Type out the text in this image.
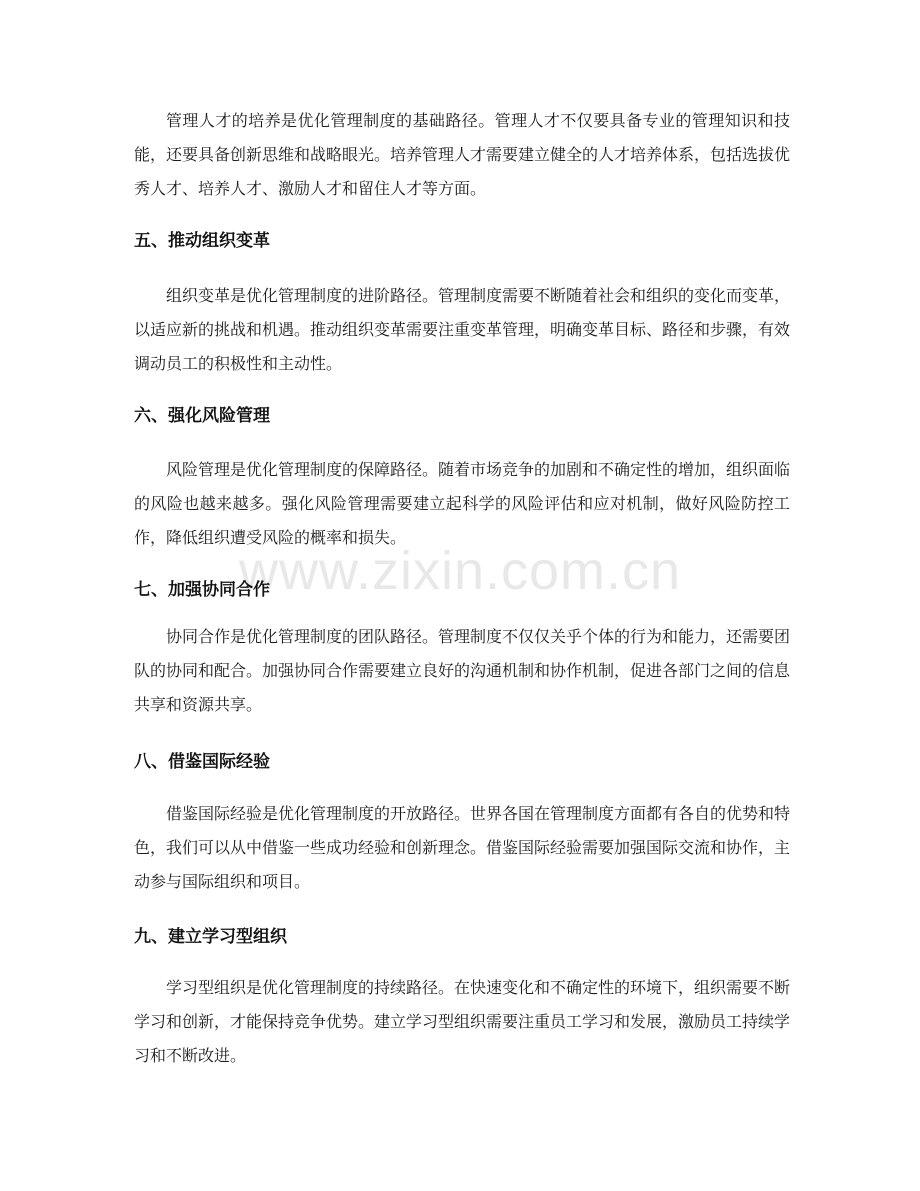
www.zixin.com.cn

管理人才的培养是优化管理制度的基础路径。管理人才不仅要具备专业的管理知识和技能，还要具备创新思维和战略眼光。培养管理人才需要建立健全的人才培养体系，包括选拔优秀人才、培养人才、激励人才和留住人才等方面。

五、推动组织变革

组织变革是优化管理制度的进阶路径。管理制度需要不断随着社会和组织的变化而变革，以适应新的挑战和机遇。推动组织变革需要注重变革管理，明确变革目标、路径和步骤，有效调动员工的积极性和主动性。

六、强化风险管理

风险管理是优化管理制度的保障路径。随着市场竞争的加剧和不确定性的增加，组织面临的风险也越来越多。强化风险管理需要建立起科学的风险评估和应对机制，做好风险防控工作，降低组织遭受风险的概率和损失。

七、加强协同合作

协同合作是优化管理制度的团队路径。管理制度不仅仅关乎个体的行为和能力，还需要团队的协同和配合。加强协同合作需要建立良好的沟通机制和协作机制，促进各部门之间的信息共享和资源共享。

八、借鉴国际经验

借鉴国际经验是优化管理制度的开放路径。世界各国在管理制度方面都有各自的优势和特色，我们可以从中借鉴一些成功经验和创新理念。借鉴国际经验需要加强国际交流和协作，主动参与国际组织和项目。

九、建立学习型组织

学习型组织是优化管理制度的持续路径。在快速变化和不确定性的环境下，组织需要不断学习和创新，才能保持竞争优势。建立学习型组织需要注重员工学习和发展，激励员工持续学习和不断改进。
